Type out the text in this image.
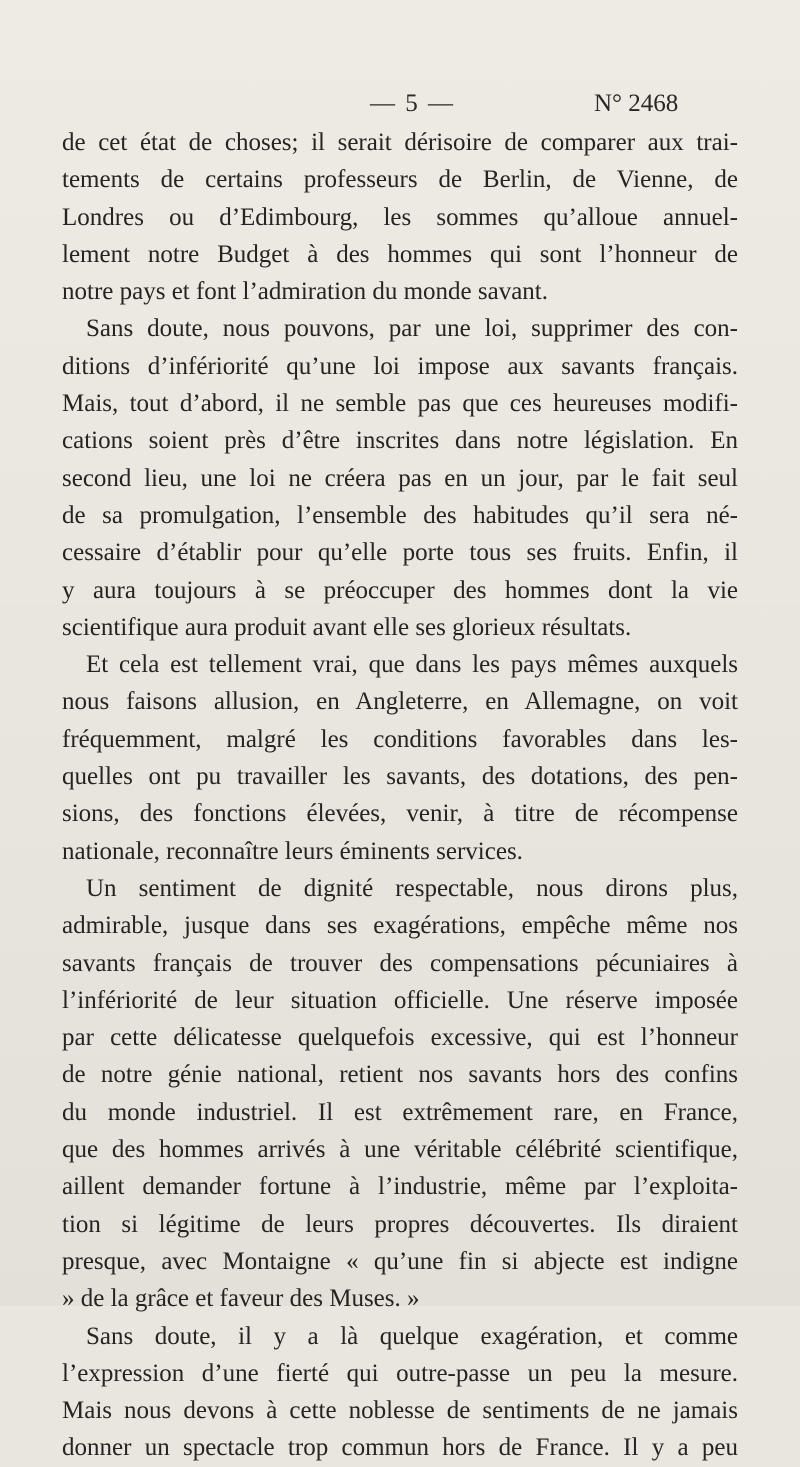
— 5 —	N° 2468
de cet état de choses; il serait dérisoire de comparer aux trai-
tements de certains professeurs de Berlin, de Vienne, de
Londres ou d’Edimbourg, les sommes qu’alloue annuel-
lement notre Budget à des hommes qui sont l’honneur de
notre pays et font l’admiration du monde savant.
Sans doute, nous pouvons, par une loi, supprimer des con-
ditions d’infériorité qu’une loi impose aux savants français.
Mais, tout d’abord, il ne semble pas que ces heureuses modifi-
cations soient près d’être inscrites dans notre législation. En
second lieu, une loi ne créera pas en un jour, par le fait seul
de sa promulgation, l’ensemble des habitudes qu’il sera né-
cessaire d’établir pour qu’elle porte tous ses fruits. Enfin, il
y aura toujours à se préoccuper des hommes dont la vie
scientifique aura produit avant elle ses glorieux résultats.
Et cela est tellement vrai, que dans les pays mêmes auxquels
nous faisons allusion, en Angleterre, en Allemagne, on voit
fréquemment, malgré les conditions favorables dans les-
quelles ont pu travailler les savants, des dotations, des pen-
sions, des fonctions élevées, venir, à titre de récompense
nationale, reconnaître leurs éminents services.
Un sentiment de dignité respectable, nous dirons plus,
admirable, jusque dans ses exagérations, empêche même nos
savants français de trouver des compensations pécuniaires à
l’infériorité de leur situation officielle. Une réserve imposée
par cette délicatesse quelquefois excessive, qui est l’honneur
de notre génie national, retient nos savants hors des confins
du monde industriel. Il est extrêmement rare, en France,
que des hommes arrivés à une véritable célébrité scientifique,
aillent demander fortune à l’industrie, même par l’exploita-
tion si légitime de leurs propres découvertes. Ils diraient
presque, avec Montaigne « qu’une fin si abjecte est indigne
» de la grâce et faveur des Muses. »
Sans doute, il y a là quelque exagération, et comme
l’expression d’une fierté qui outre-passe un peu la mesure.
Mais nous devons à cette noblesse de sentiments de ne jamais
donner un spectacle trop commun hors de France. Il y a peu
